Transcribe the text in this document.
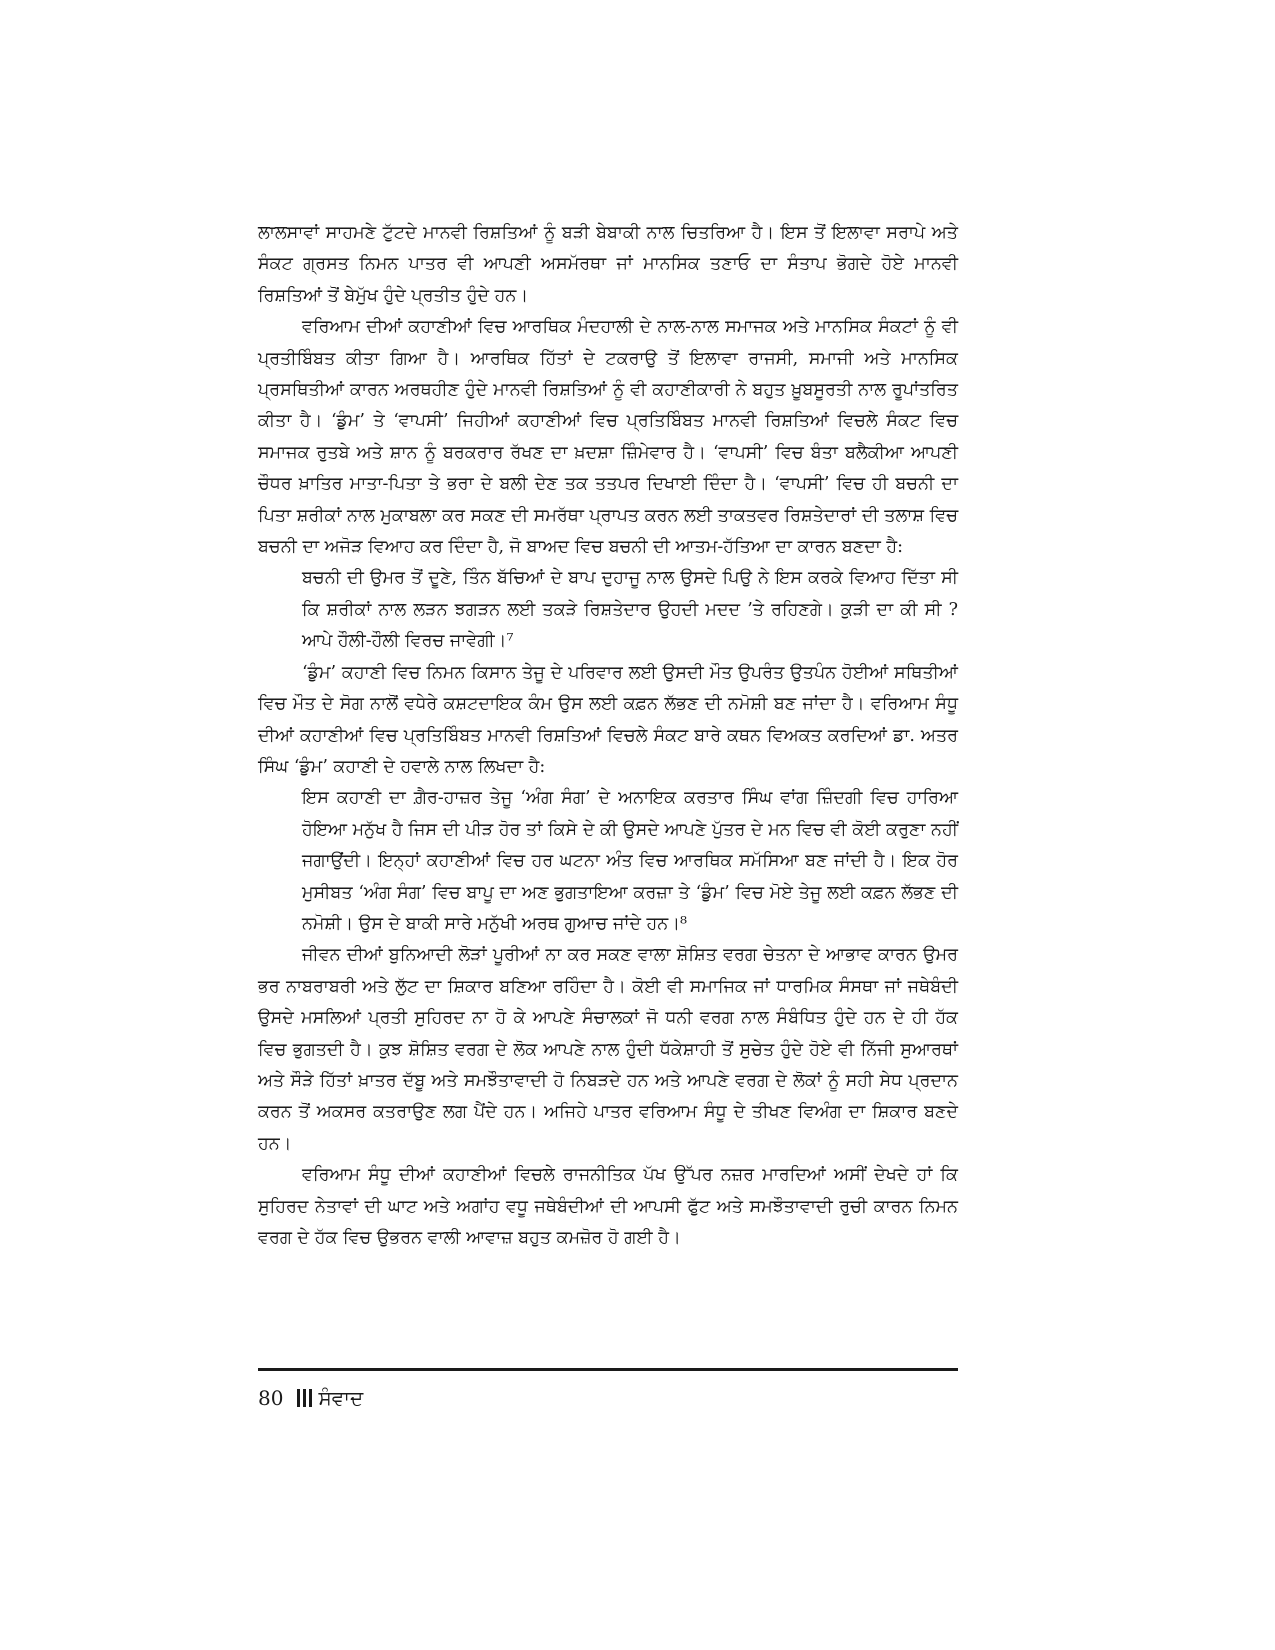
ਲਾਲਸਾਵਾਂ ਸਾਹਮਣੇ ਟੁੱਟਦੇ ਮਾਨਵੀ ਰਿਸ਼ਤਿਆਂ ਨੂੰ ਬੜੀ ਬੇਬਾਕੀ ਨਾਲ ਚਿਤਰਿਆ ਹੈ। ਇਸ ਤੋਂ ਇਲਾਵਾ ਸਰਾਪੇ ਅਤੇ ਸੰਕਟ ਗ੍ਰਸਤ ਨਿਮਨ ਪਾਤਰ ਵੀ ਆਪਣੀ ਅਸਮੱਰਥਾ ਜਾਂ ਮਾਨਸਿਕ ਤਣਾਓ ਦਾ ਸੰਤਾਪ ਭੋਗਦੇ ਹੋਏ ਮਾਨਵੀ ਰਿਸ਼ਤਿਆਂ ਤੋਂ ਬੇਮੁੱਖ ਹੁੰਦੇ ਪ੍ਰਤੀਤ ਹੁੰਦੇ ਹਨ।

ਵਰਿਆਮ ਦੀਆਂ ਕਹਾਣੀਆਂ ਵਿਚ ਆਰਥਿਕ ਮੰਦਹਾਲੀ ਦੇ ਨਾਲ-ਨਾਲ ਸਮਾਜਕ ਅਤੇ ਮਾਨਸਿਕ ਸੰਕਟਾਂ ਨੂੰ ਵੀ ਪ੍ਰਤੀਬਿੰਬਤ ਕੀਤਾ ਗਿਆ ਹੈ। ਆਰਥਿਕ ਹਿੱਤਾਂ ਦੇ ਟਕਰਾਉ ਤੋਂ ਇਲਾਵਾ ਰਾਜਸੀ, ਸਮਾਜੀ ਅਤੇ ਮਾਨਸਿਕ ਪ੍ਰਸਥਿਤੀਆਂ ਕਾਰਨ ਅਰਥਹੀਣ ਹੁੰਦੇ ਮਾਨਵੀ ਰਿਸ਼ਤਿਆਂ ਨੂੰ ਵੀ ਕਹਾਣੀਕਾਰੀ ਨੇ ਬਹੁਤ ਖ਼ੂਬਸੂਰਤੀ ਨਾਲ ਰੂਪਾਂਤਰਿਤ ਕੀਤਾ ਹੈ। ‘ਡੁੰਮ’ ਤੇ ‘ਵਾਪਸੀ’ ਜਿਹੀਆਂ ਕਹਾਣੀਆਂ ਵਿਚ ਪ੍ਰਤਿਬਿੰਬਤ ਮਾਨਵੀ ਰਿਸ਼ਤਿਆਂ ਵਿਚਲੇ ਸੰਕਟ ਵਿਚ ਸਮਾਜਕ ਰੁਤਬੇ ਅਤੇ ਸ਼ਾਨ ਨੂੰ ਬਰਕਰਾਰ ਰੱਖਣ ਦਾ ਖ਼ਦਸ਼ਾ ਜ਼ਿੰਮੇਵਾਰ ਹੈ। ‘ਵਾਪਸੀ’ ਵਿਚ ਬੰਤਾ ਬਲੈਕੀਆ ਆਪਣੀ ਚੌਧਰ ਖ਼ਾਤਿਰ ਮਾਤਾ-ਪਿਤਾ ਤੇ ਭਰਾ ਦੇ ਬਲੀ ਦੇਣ ਤਕ ਤਤਪਰ ਦਿਖਾਈ ਦਿੰਦਾ ਹੈ। ‘ਵਾਪਸੀ’ ਵਿਚ ਹੀ ਬਚਨੀ ਦਾ ਪਿਤਾ ਸ਼ਰੀਕਾਂ ਨਾਲ ਮੁਕਾਬਲਾ ਕਰ ਸਕਣ ਦੀ ਸਮਰੱਥਾ ਪ੍ਰਾਪਤ ਕਰਨ ਲਈ ਤਾਕਤਵਰ ਰਿਸ਼ਤੇਦਾਰਾਂ ਦੀ ਤਲਾਸ਼ ਵਿਚ ਬਚਨੀ ਦਾ ਅਜੋੜ ਵਿਆਹ ਕਰ ਦਿੰਦਾ ਹੈ, ਜੋ ਬਾਅਦ ਵਿਚ ਬਚਨੀ ਦੀ ਆਤਮ-ਹੱਤਿਆ ਦਾ ਕਾਰਨ ਬਣਦਾ ਹੈ:

ਬਚਨੀ ਦੀ ਉਮਰ ਤੋਂ ਦੂਣੇ, ਤਿੰਨ ਬੱਚਿਆਂ ਦੇ ਬਾਪ ਦੁਹਾਜੂ ਨਾਲ ਉਸਦੇ ਪਿਉ ਨੇ ਇਸ ਕਰਕੇ ਵਿਆਹ ਦਿੱਤਾ ਸੀ ਕਿ ਸ਼ਰੀਕਾਂ ਨਾਲ ਲੜਨ ਝਗੜਨ ਲਈ ਤਕੜੇ ਰਿਸ਼ਤੇਦਾਰ ਉਹਦੀ ਮਦਦ ’ਤੇ ਰਹਿਣਗੇ। ਕੁੜੀ ਦਾ ਕੀ ਸੀ ? ਆਪੇ ਹੌਲੀ-ਹੌਲੀ ਵਿਰਚ ਜਾਵੇਗੀ।⁷

‘ਡੁੰਮ’ ਕਹਾਣੀ ਵਿਚ ਨਿਮਨ ਕਿਸਾਨ ਤੇਜੂ ਦੇ ਪਰਿਵਾਰ ਲਈ ਉਸਦੀ ਮੌਤ ਉਪਰੰਤ ਉਤਪੰਨ ਹੋਈਆਂ ਸਥਿਤੀਆਂ ਵਿਚ ਮੌਤ ਦੇ ਸੋਗ ਨਾਲੋਂ ਵਧੇਰੇ ਕਸ਼ਟਦਾਇਕ ਕੰਮ ਉਸ ਲਈ ਕਫ਼ਨ ਲੱਭਣ ਦੀ ਨਮੋਸ਼ੀ ਬਣ ਜਾਂਦਾ ਹੈ। ਵਰਿਆਮ ਸੰਧੂ ਦੀਆਂ ਕਹਾਣੀਆਂ ਵਿਚ ਪ੍ਰਤਿਬਿੰਬਤ ਮਾਨਵੀ ਰਿਸ਼ਤਿਆਂ ਵਿਚਲੇ ਸੰਕਟ ਬਾਰੇ ਕਥਨ ਵਿਅਕਤ ਕਰਦਿਆਂ ਡਾ. ਅਤਰ ਸਿੰਘ ‘ਡੁੰਮ’ ਕਹਾਣੀ ਦੇ ਹਵਾਲੇ ਨਾਲ ਲਿਖਦਾ ਹੈ:

ਇਸ ਕਹਾਣੀ ਦਾ ਗ਼ੈਰ-ਹਾਜ਼ਰ ਤੇਜੂ ‘ਅੰਗ ਸੰਗ’ ਦੇ ਅਨਾਇਕ ਕਰਤਾਰ ਸਿੰਘ ਵਾਂਗ ਜ਼ਿੰਦਗੀ ਵਿਚ ਹਾਰਿਆ ਹੋਇਆ ਮਨੁੱਖ ਹੈ ਜਿਸ ਦੀ ਪੀੜ ਹੋਰ ਤਾਂ ਕਿਸੇ ਦੇ ਕੀ ਉਸਦੇ ਆਪਣੇ ਪੁੱਤਰ ਦੇ ਮਨ ਵਿਚ ਵੀ ਕੋਈ ਕਰੁਣਾ ਨਹੀਂ ਜਗਾਉਂਦੀ। ਇਨ੍ਹਾਂ ਕਹਾਣੀਆਂ ਵਿਚ ਹਰ ਘਟਨਾ ਅੰਤ ਵਿਚ ਆਰਥਿਕ ਸਮੱਸਿਆ ਬਣ ਜਾਂਦੀ ਹੈ। ਇਕ ਹੋਰ ਮੁਸੀਬਤ ‘ਅੰਗ ਸੰਗ’ ਵਿਚ ਬਾਪੂ ਦਾ ਅਣ ਭੁਗਤਾਇਆ ਕਰਜ਼ਾ ਤੇ ‘ਡੁੰਮ’ ਵਿਚ ਮੋਏ ਤੇਜੂ ਲਈ ਕਫ਼ਨ ਲੱਭਣ ਦੀ ਨਮੋਸ਼ੀ। ਉਸ ਦੇ ਬਾਕੀ ਸਾਰੇ ਮਨੁੱਖੀ ਅਰਥ ਗੁਆਚ ਜਾਂਦੇ ਹਨ।⁸

ਜੀਵਨ ਦੀਆਂ ਬੁਨਿਆਦੀ ਲੋੜਾਂ ਪੂਰੀਆਂ ਨਾ ਕਰ ਸਕਣ ਵਾਲਾ ਸ਼ੋਸ਼ਿਤ ਵਰਗ ਚੇਤਨਾ ਦੇ ਆਭਾਵ ਕਾਰਨ ਉਮਰ ਭਰ ਨਾਬਰਾਬਰੀ ਅਤੇ ਲੁੱਟ ਦਾ ਸ਼ਿਕਾਰ ਬਣਿਆ ਰਹਿੰਦਾ ਹੈ। ਕੋਈ ਵੀ ਸਮਾਜਿਕ ਜਾਂ ਧਾਰਮਿਕ ਸੰਸਥਾ ਜਾਂ ਜਥੇਬੰਦੀ ਉਸਦੇ ਮਸਲਿਆਂ ਪ੍ਰਤੀ ਸੁਹਿਰਦ ਨਾ ਹੋ ਕੇ ਆਪਣੇ ਸੰਚਾਲਕਾਂ ਜੋ ਧਨੀ ਵਰਗ ਨਾਲ ਸੰਬੰਧਿਤ ਹੁੰਦੇ ਹਨ ਦੇ ਹੀ ਹੱਕ ਵਿਚ ਭੁਗਤਦੀ ਹੈ। ਕੁਝ ਸ਼ੋਸ਼ਿਤ ਵਰਗ ਦੇ ਲੋਕ ਆਪਣੇ ਨਾਲ ਹੁੰਦੀ ਧੱਕੇਸ਼ਾਹੀ ਤੋਂ ਸੁਚੇਤ ਹੁੰਦੇ ਹੋਏ ਵੀ ਨਿੱਜੀ ਸੁਆਰਥਾਂ ਅਤੇ ਸੌੜੇ ਹਿੱਤਾਂ ਖ਼ਾਤਰ ਦੱਬੂ ਅਤੇ ਸਮਝੌਤਾਵਾਦੀ ਹੋ ਨਿਬੜਦੇ ਹਨ ਅਤੇ ਆਪਣੇ ਵਰਗ ਦੇ ਲੋਕਾਂ ਨੂੰ ਸਹੀ ਸੇਧ ਪ੍ਰਦਾਨ ਕਰਨ ਤੋਂ ਅਕਸਰ ਕਤਰਾਉਣ ਲਗ ਪੈਂਦੇ ਹਨ। ਅਜਿਹੇ ਪਾਤਰ ਵਰਿਆਮ ਸੰਧੂ ਦੇ ਤੀਖਣ ਵਿਅੰਗ ਦਾ ਸ਼ਿਕਾਰ ਬਣਦੇ ਹਨ।

ਵਰਿਆਮ ਸੰਧੂ ਦੀਆਂ ਕਹਾਣੀਆਂ ਵਿਚਲੇ ਰਾਜਨੀਤਿਕ ਪੱਖ ਉੱਪਰ ਨਜ਼ਰ ਮਾਰਦਿਆਂ ਅਸੀਂ ਦੇਖਦੇ ਹਾਂ ਕਿ ਸੁਹਿਰਦ ਨੇਤਾਵਾਂ ਦੀ ਘਾਟ ਅਤੇ ਅਗਾਂਹ ਵਧੂ ਜਥੇਬੰਦੀਆਂ ਦੀ ਆਪਸੀ ਫੁੱਟ ਅਤੇ ਸਮਝੌਤਾਵਾਦੀ ਰੁਚੀ ਕਾਰਨ ਨਿਮਨ ਵਰਗ ਦੇ ਹੱਕ ਵਿਚ ਉਭਰਨ ਵਾਲੀ ਆਵਾਜ਼ ਬਹੁਤ ਕਮਜ਼ੋਰ ਹੋ ਗਈ ਹੈ।

80 ਸੰਵਾਦ
